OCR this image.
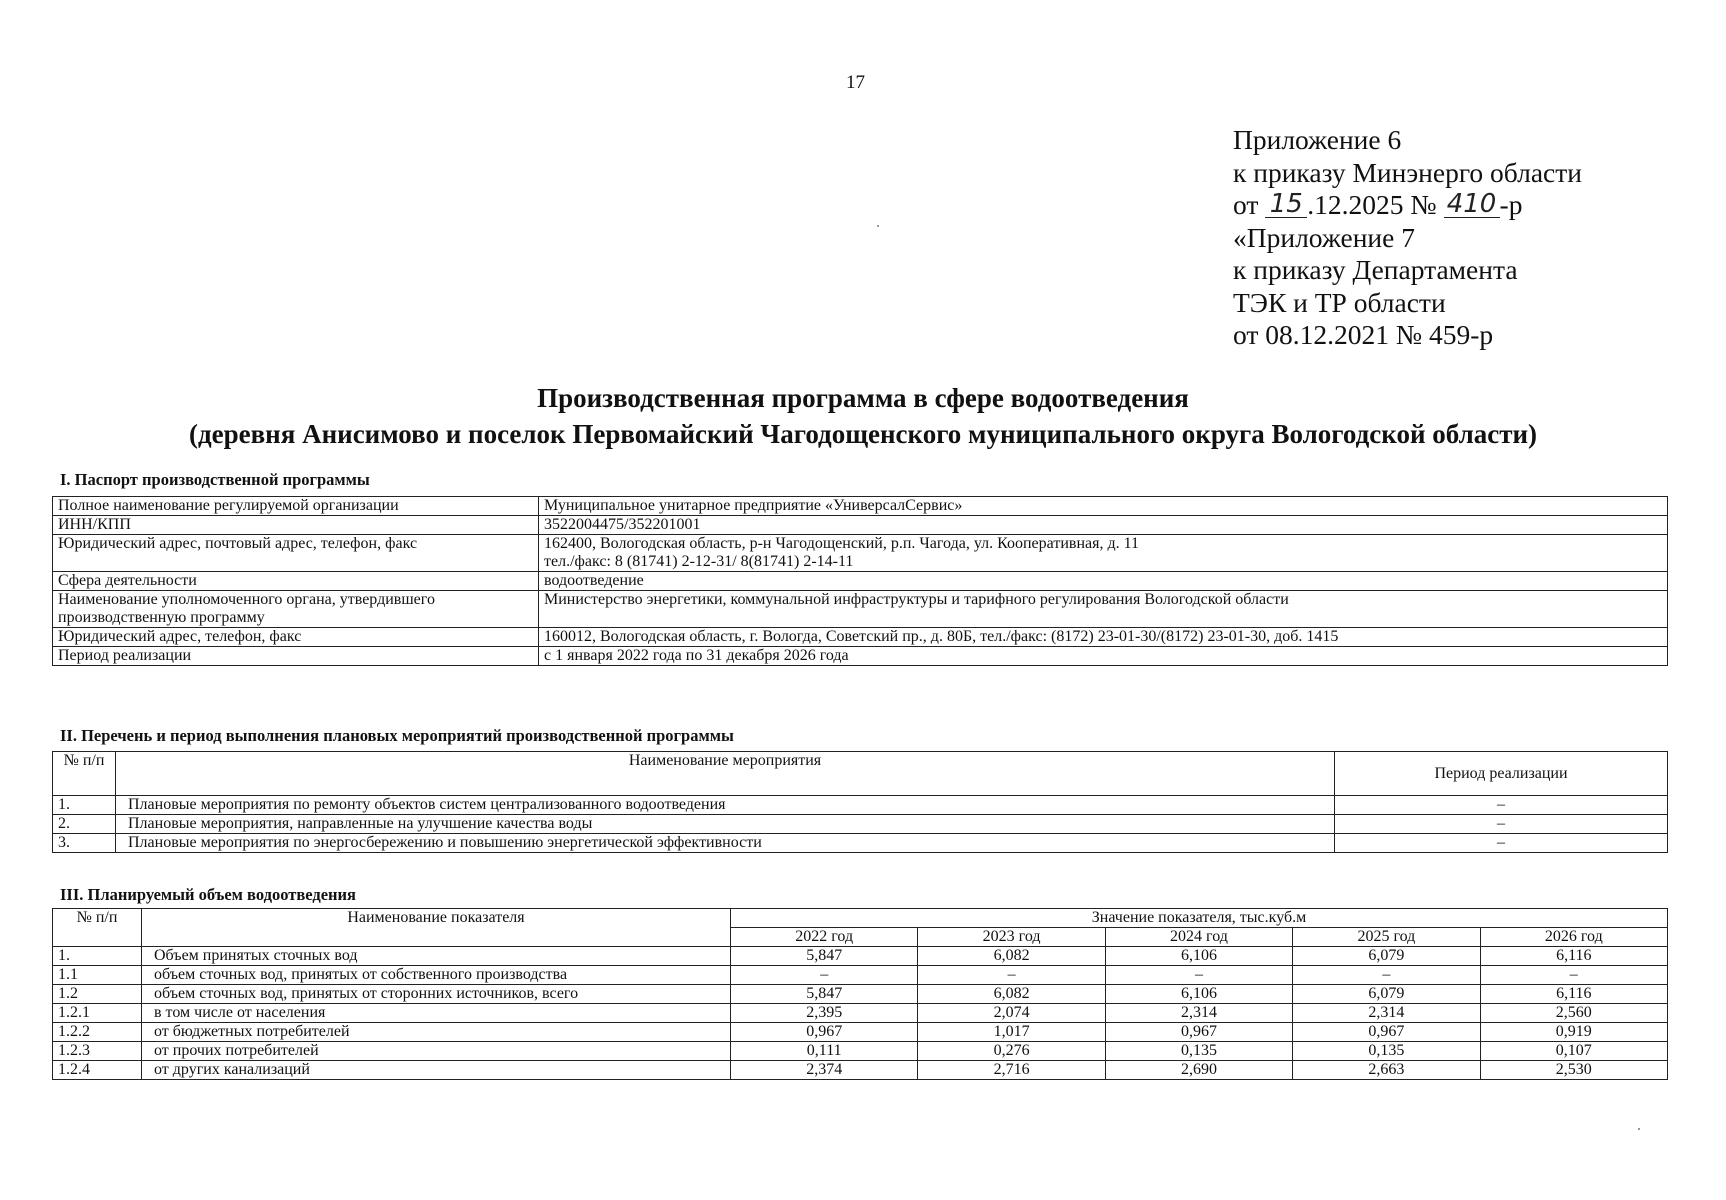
17
Приложение 6
к приказу Минэнерго области
от 15 .12.2025 № 410 -р
«Приложение 7
к приказу Департамента
ТЭК и ТР области
от 08.12.2021 № 459-р
Производственная программа в сфере водоотведения
(деревня Анисимово и поселок Первомайский Чагодощенского муниципального округа Вологодской области)
I. Паспорт производственной программы
Полное наименование регулируемой организации	Муниципальное унитарное предприятие «УниверсалСервис»

ИНН/КПП	3522004475/352201001

Юридический адрес, почтовый адрес, телефон, факс	162400, Вологодская область, р-н Чагодощенский, р.п. Чагода, ул. Кооперативная, д. 11
тел./факс: 8 (81741) 2-12-31/ 8(81741) 2-14-11

Сфера деятельности	водоотведение

Наименование уполномоченного органа, утвердившего производственную программу	Министерство энергетики, коммунальной инфраструктуры и тарифного регулирования Вологодской области

Юридический адрес, телефон, факс	160012, Вологодская область, г. Вологда, Советский пр., д. 80Б, тел./факс: (8172) 23-01-30/(8172) 23-01-30, доб. 1415

Период реализации	с 1 января 2022 года по 31 декабря 2026 года
II. Перечень и период выполнения плановых мероприятий производственной программы
№ п/п	Наименование мероприятия	Период реализации
1.	Плановые мероприятия по ремонту объектов систем централизованного водоотведения	–
2.	Плановые мероприятия, направленные на улучшение качества воды	–
3.	Плановые мероприятия по энергосбережению и повышению энергетической эффективности	–
III. Планируемый объем водоотведения
№ п/п	Наименование показателя	Значение показателя, тыс.куб.м				
		2022 год	2023 год	2024 год	2025 год	2026 год
1.	Объем принятых сточных вод	5,847	6,082	6,106	6,079	6,116
1.1	объем сточных вод, принятых от собственного производства	–	–	–	–	–
1.2	объем сточных вод, принятых от сторонних источников, всего	5,847	6,082	6,106	6,079	6,116
1.2.1	в том числе от населения	2,395	2,074	2,314	2,314	2,560
1.2.2	от бюджетных потребителей	0,967	1,017	0,967	0,967	0,919
1.2.3	от прочих потребителей	0,111	0,276	0,135	0,135	0,107
1.2.4	от других канализаций	2,374	2,716	2,690	2,663	2,530
